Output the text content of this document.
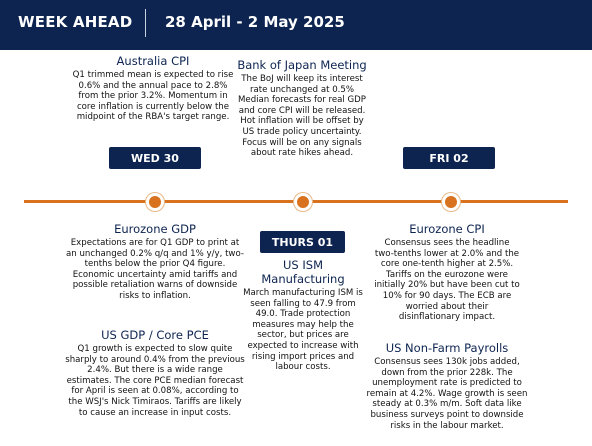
WEEK AHEAD 28 April - 2 May 2025
Australia CPI
Q1 trimmed mean is expected to rise 0.6% and the annual pace to 2.8% from the prior 3.2%. Momentum in core inflation is currently below the midpoint of the RBA's target range.
Bank of Japan Meeting
The BoJ will keep its interest rate unchanged at 0.5% Median forecasts for real GDP and core CPI will be released. Hot inflation will be offset by US trade policy uncertainty. Focus will be on any signals about rate hikes ahead.
WED 30	FRI 02
THURS 01
Eurozone GDP
Expectations are for Q1 GDP to print at an unchanged 0.2% q/q and 1% y/y, two-tenths below the prior Q4 figure. Economic uncertainty amid tariffs and possible retaliation warns of downside risks to inflation.
US GDP / Core PCE
Q1 growth is expected to slow quite sharply to around 0.4% from the previous 2.4%. But there is a wide range estimates. The core PCE median forecast for April is seen at 0.08%, according to the WSJ's Nick Timiraos. Tariffs are likely to cause an increase in input costs.
US ISM Manufacturing
March manufacturing ISM is seen falling to 47.9 from 49.0. Trade protection measures may help the sector, but prices are expected to increase with rising import prices and labour costs.
Eurozone CPI
Consensus sees the headline two-tenths lower at 2.0% and the core one-tenth higher at 2.5%. Tariffs on the eurozone were initially 20% but have been cut to 10% for 90 days. The ECB are worried about their disinflationary impact.
US Non-Farm Payrolls
Consensus sees 130k jobs added, down from the prior 228k. The unemployment rate is predicted to remain at 4.2%. Wage growth is seen steady at 0.3% m/m. Soft data like business surveys point to downside risks in the labour market.
